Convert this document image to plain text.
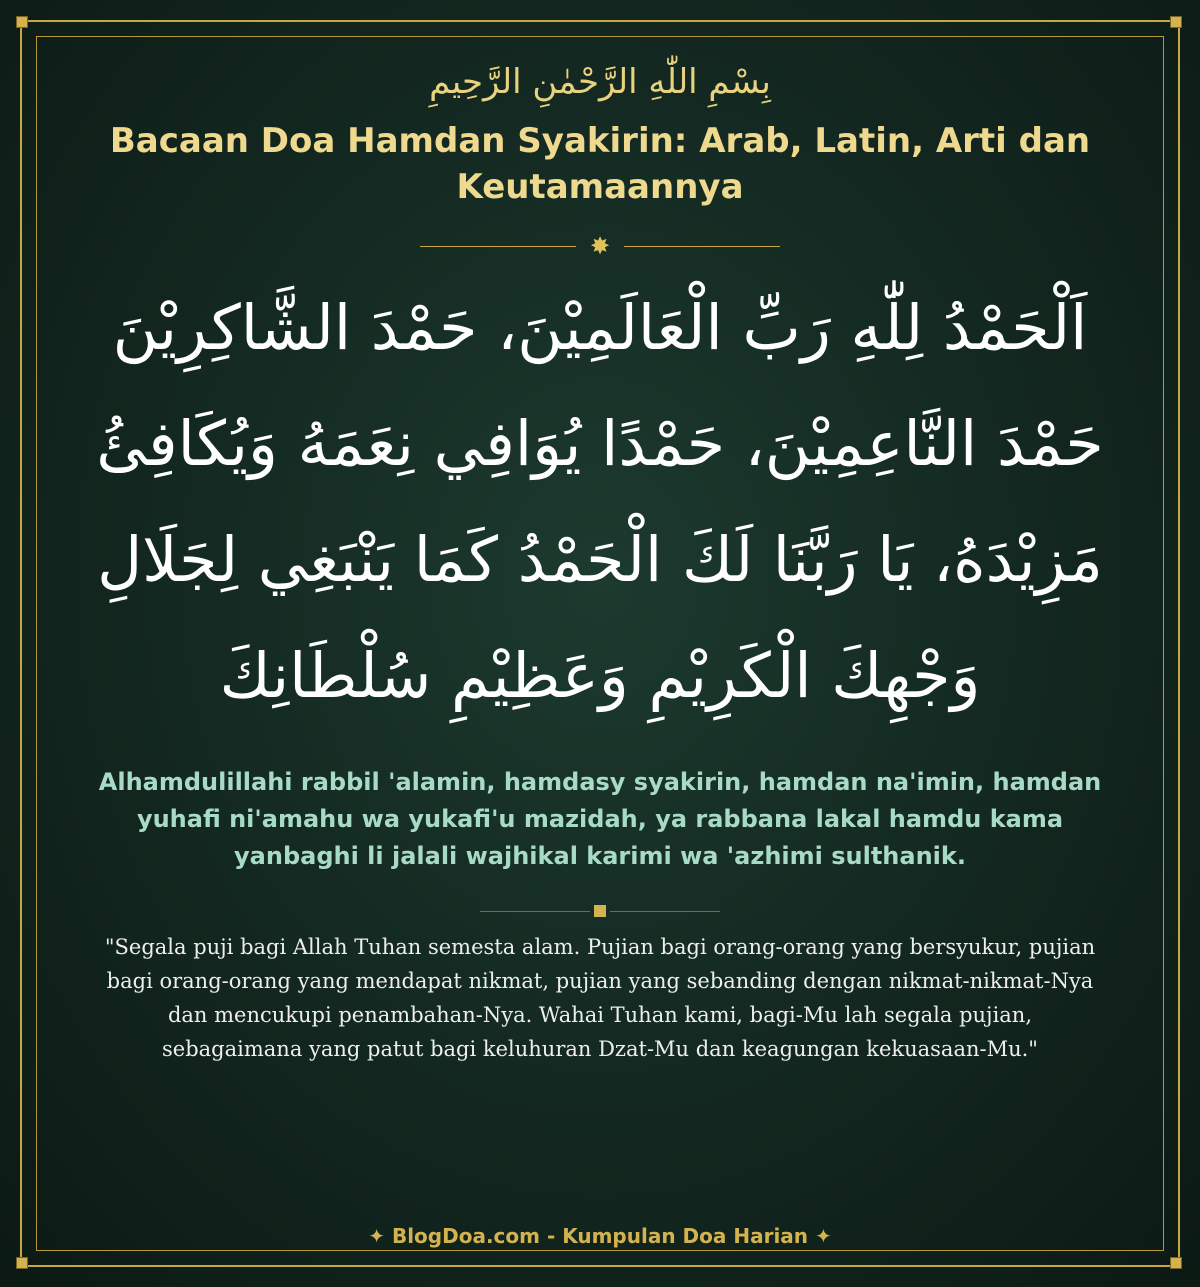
بِسْمِ اللّٰهِ الرَّحْمٰنِ الرَّحِيمِ
Bacaan Doa Hamdan Syakirin: Arab, Latin, Arti dan Keutamaannya
✸
اَلْحَمْدُ لِلّٰهِ رَبِّ الْعَالَمِيْنَ، حَمْدَ الشَّاكِرِيْنَ حَمْدَ النَّاعِمِيْنَ، حَمْدًا يُوَافِي نِعَمَهُ وَيُكَافِئُ مَزِيْدَهُ، يَا رَبَّنَا لَكَ الْحَمْدُ كَمَا يَنْبَغِي لِجَلَالِ وَجْهِكَ الْكَرِيْمِ وَعَظِيْمِ سُلْطَانِكَ
Alhamdulillahi rabbil 'alamin, hamdasy syakirin, hamdan na'imin, hamdan yuhafi ni'amahu wa yukafi'u mazidah, ya rabbana lakal hamdu kama yanbaghi li jalali wajhikal karimi wa 'azhimi sulthanik.
"Segala puji bagi Allah Tuhan semesta alam. Pujian bagi orang-orang yang bersyukur, pujian bagi orang-orang yang mendapat nikmat, pujian yang sebanding dengan nikmat-nikmat-Nya dan mencukupi penambahan-Nya. Wahai Tuhan kami, bagi-Mu lah segala pujian, sebagaimana yang patut bagi keluhuran Dzat-Mu dan keagungan kekuasaan-Mu."
✦ BlogDoa.com - Kumpulan Doa Harian ✦
